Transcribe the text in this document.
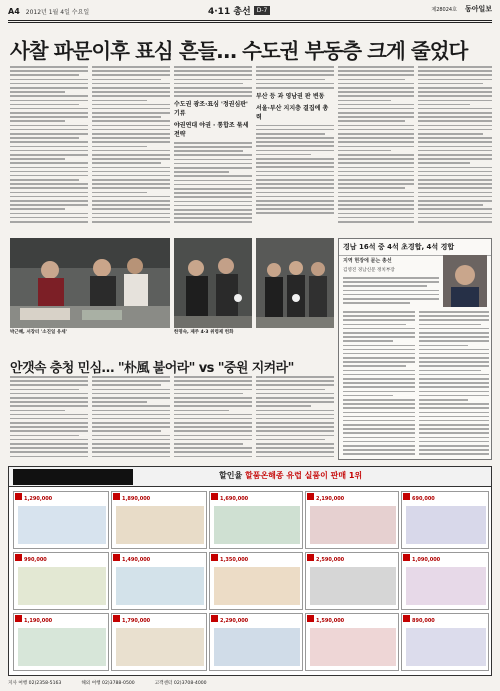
A4 2012년 1월 4일 수요일	4·11 총선	D-7	제28024호 동아일보
사찰 파문이후 표심 흔들… 수도권 부동층 크게 줄었다
수도권 광조·표심 '정권심판' 기류
야권연대 야권 · 통합조 묶세 전략
부산 등 과 영남권 판 변동
서울·부산 지지층 결집에 총력
박근혜, 서장터 '소진일 유세'	한명숙, 제주 4·3 위령제 헌화
경남 16석 중 4석 초경합, 4석 경합
지역 현장에 묻는 총선
김영진 경남신문 정치부장
안갯속 충청 민심… "朴風 불어라" vs "중원 지켜라"
할인율 할품온해종 유럽 실품이 판매 1위
1,290,000	1,890,000	1,690,000	2,190,000	690,000
990,000	1,490,000	1,350,000	2,590,000	1,090,000
1,190,000	1,790,000	2,290,000	1,590,000	890,000
지사 여행 02)2358-5163	해외 여행 02)3788-0500	고객센터 02)3708-4000
